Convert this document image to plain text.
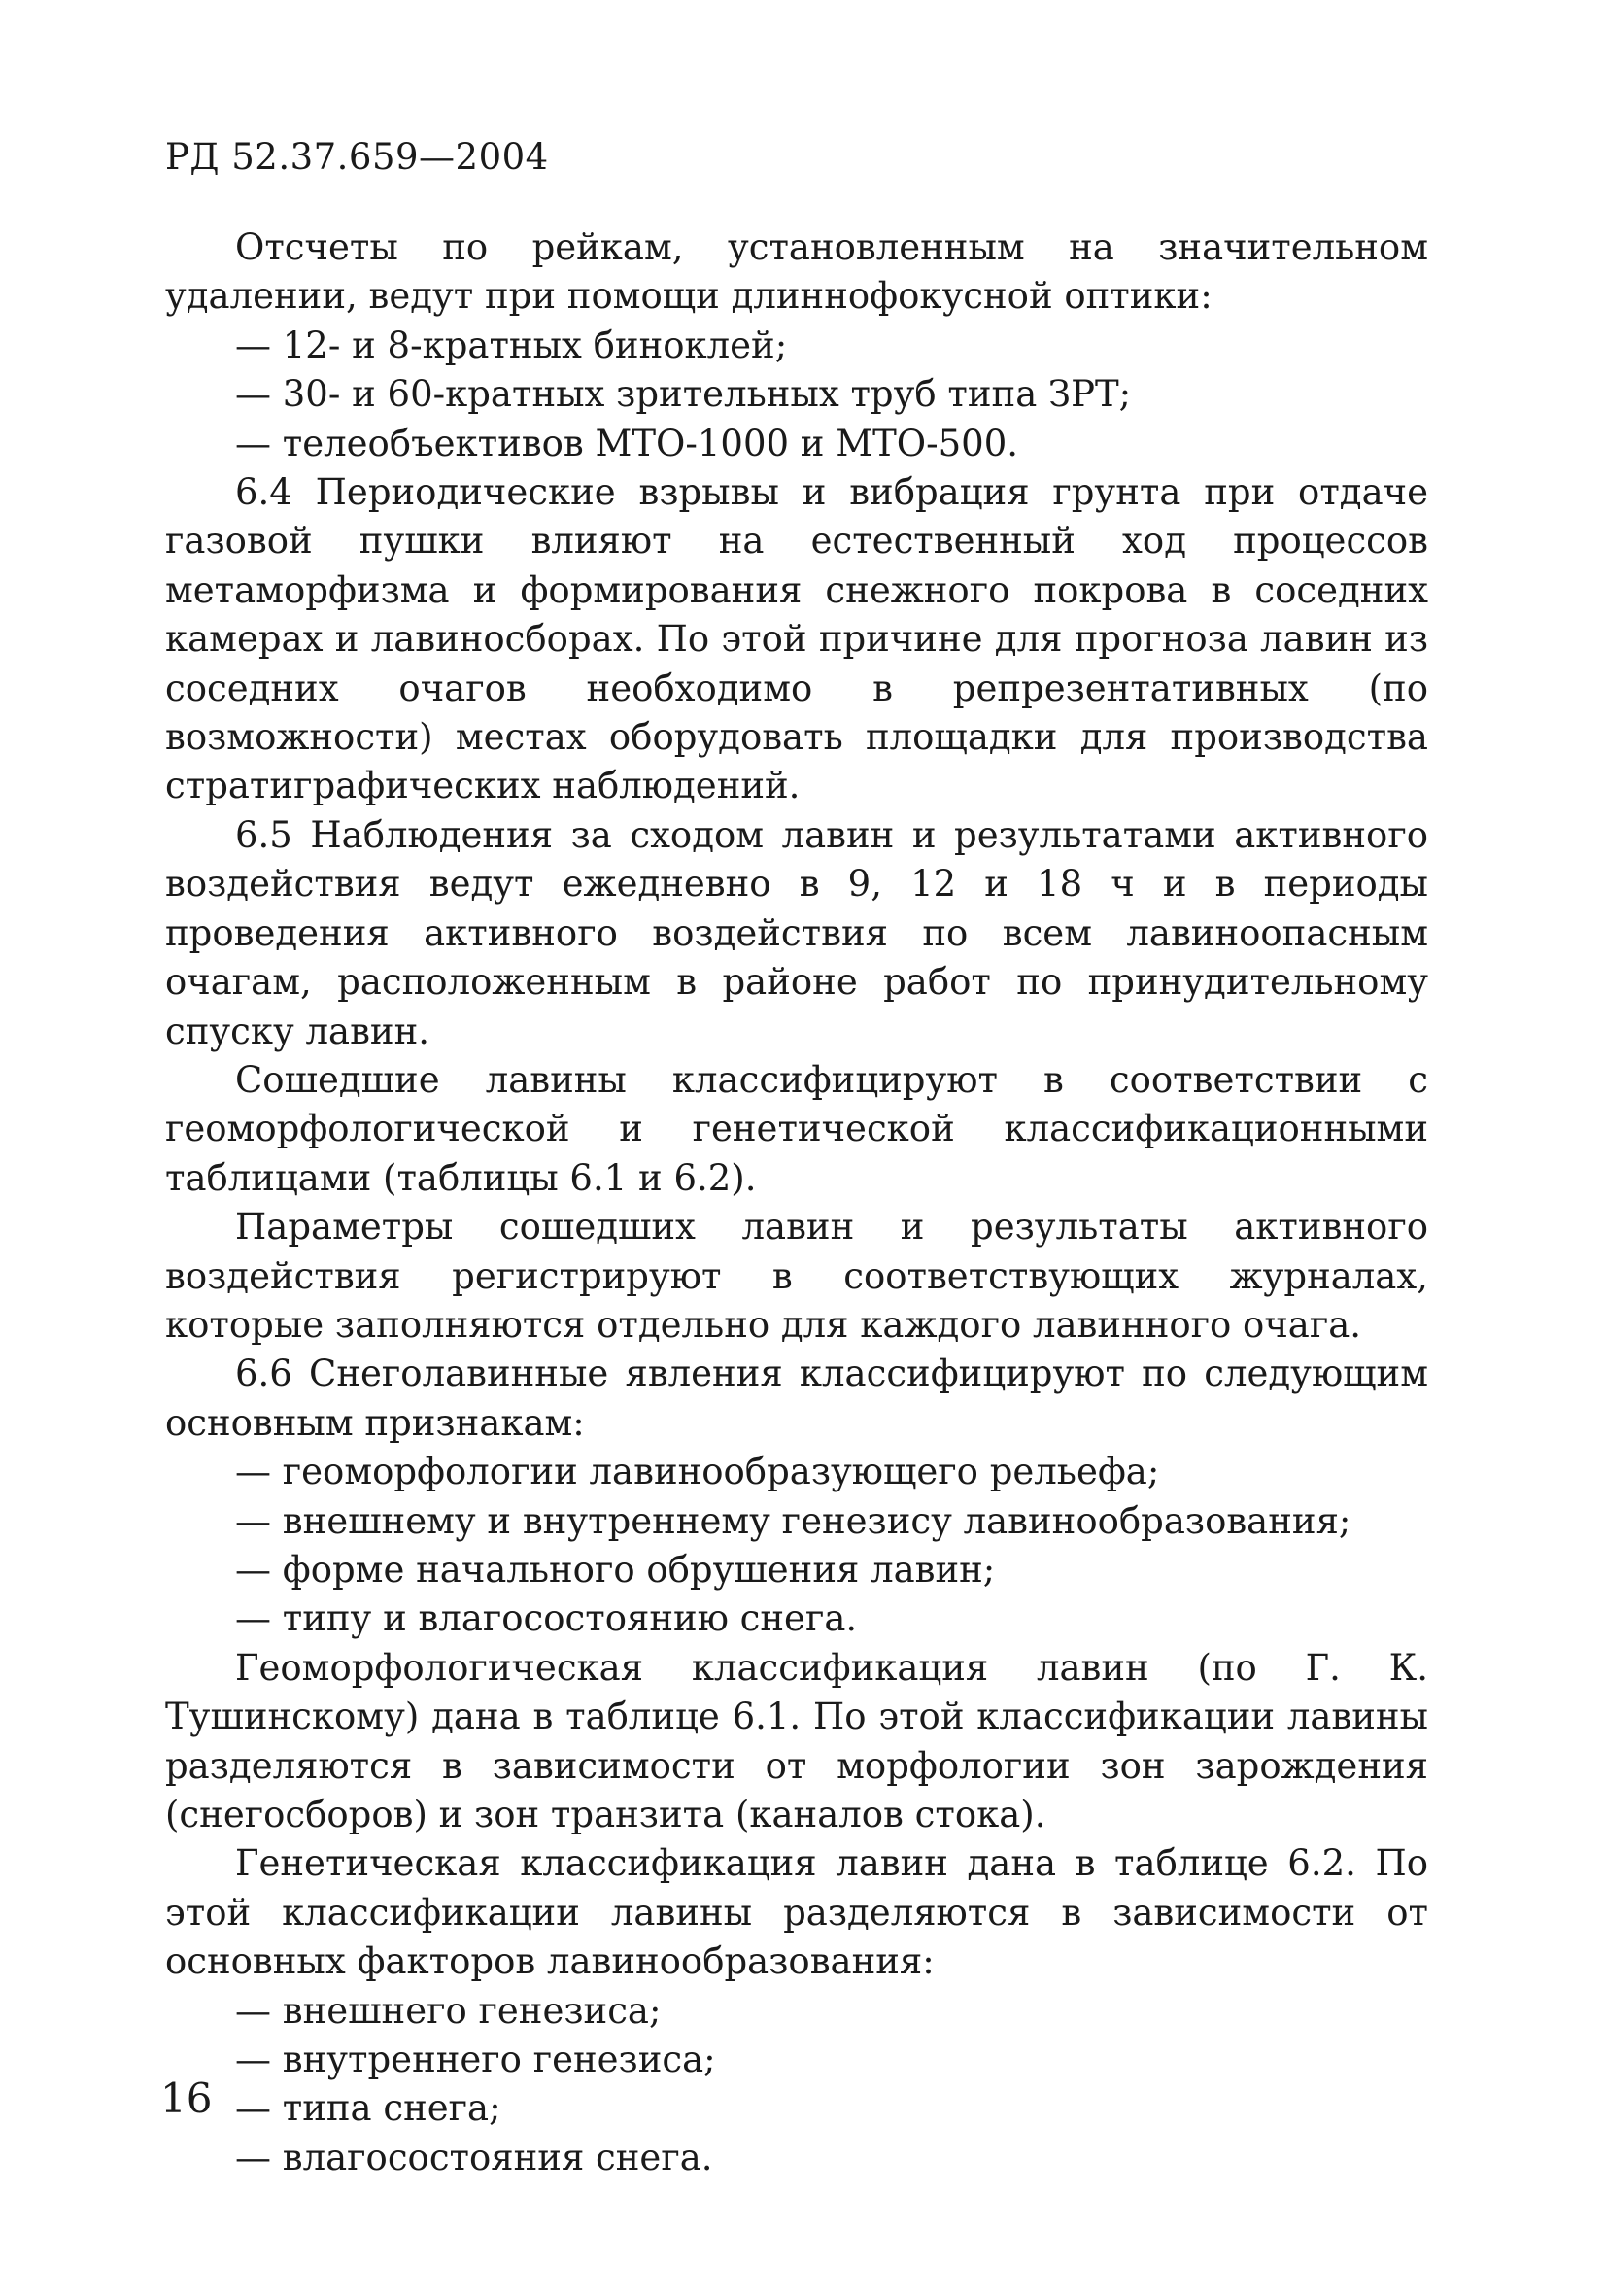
РД 52.37.659—2004

Отсчеты по рейкам, установленным на значительном удалении, ведут при помощи длиннофокусной оптики:

— 12- и 8-кратных биноклей;
— 30- и 60-кратных зрительных труб типа ЗРТ;
— телеобъективов МТО-1000 и МТО-500.

6.4 Периодические взрывы и вибрация грунта при отдаче газовой пушки влияют на естественный ход процессов метаморфизма и формирования снежного покрова в соседних камерах и лавиносборах. По этой причине для прогноза лавин из соседних очагов необходимо в репрезентативных (по возможности) местах оборудовать площадки для производства стратиграфических наблюдений.

6.5 Наблюдения за сходом лавин и результатами активного воздействия ведут ежедневно в 9, 12 и 18 ч и в периоды проведения активного воздействия по всем лавиноопасным очагам, расположенным в районе работ по принудительному спуску лавин.

Сошедшие лавины классифицируют в соответствии с геоморфологической и генетической классификационными таблицами (таблицы 6.1 и 6.2).

Параметры сошедших лавин и результаты активного воздействия регистрируют в соответствующих журналах, которые заполняются отдельно для каждого лавинного очага.

6.6 Снеголавинные явления классифицируют по следующим основным признакам:

— геоморфологии лавинообразующего рельефа;
— внешнему и внутреннему генезису лавинообразования;
— форме начального обрушения лавин;
— типу и влагосостоянию снега.

Геоморфологическая классификация лавин (по Г. К. Тушинскому) дана в таблице 6.1. По этой классификации лавины разделяются в зависимости от морфологии зон зарождения (снегосборов) и зон транзита (каналов стока).

Генетическая классификация лавин дана в таблице 6.2. По этой классификации лавины разделяются в зависимости от основных факторов лавинообразования:

— внешнего генезиса;
— внутреннего генезиса;
— типа снега;
— влагосостояния снега.
16
